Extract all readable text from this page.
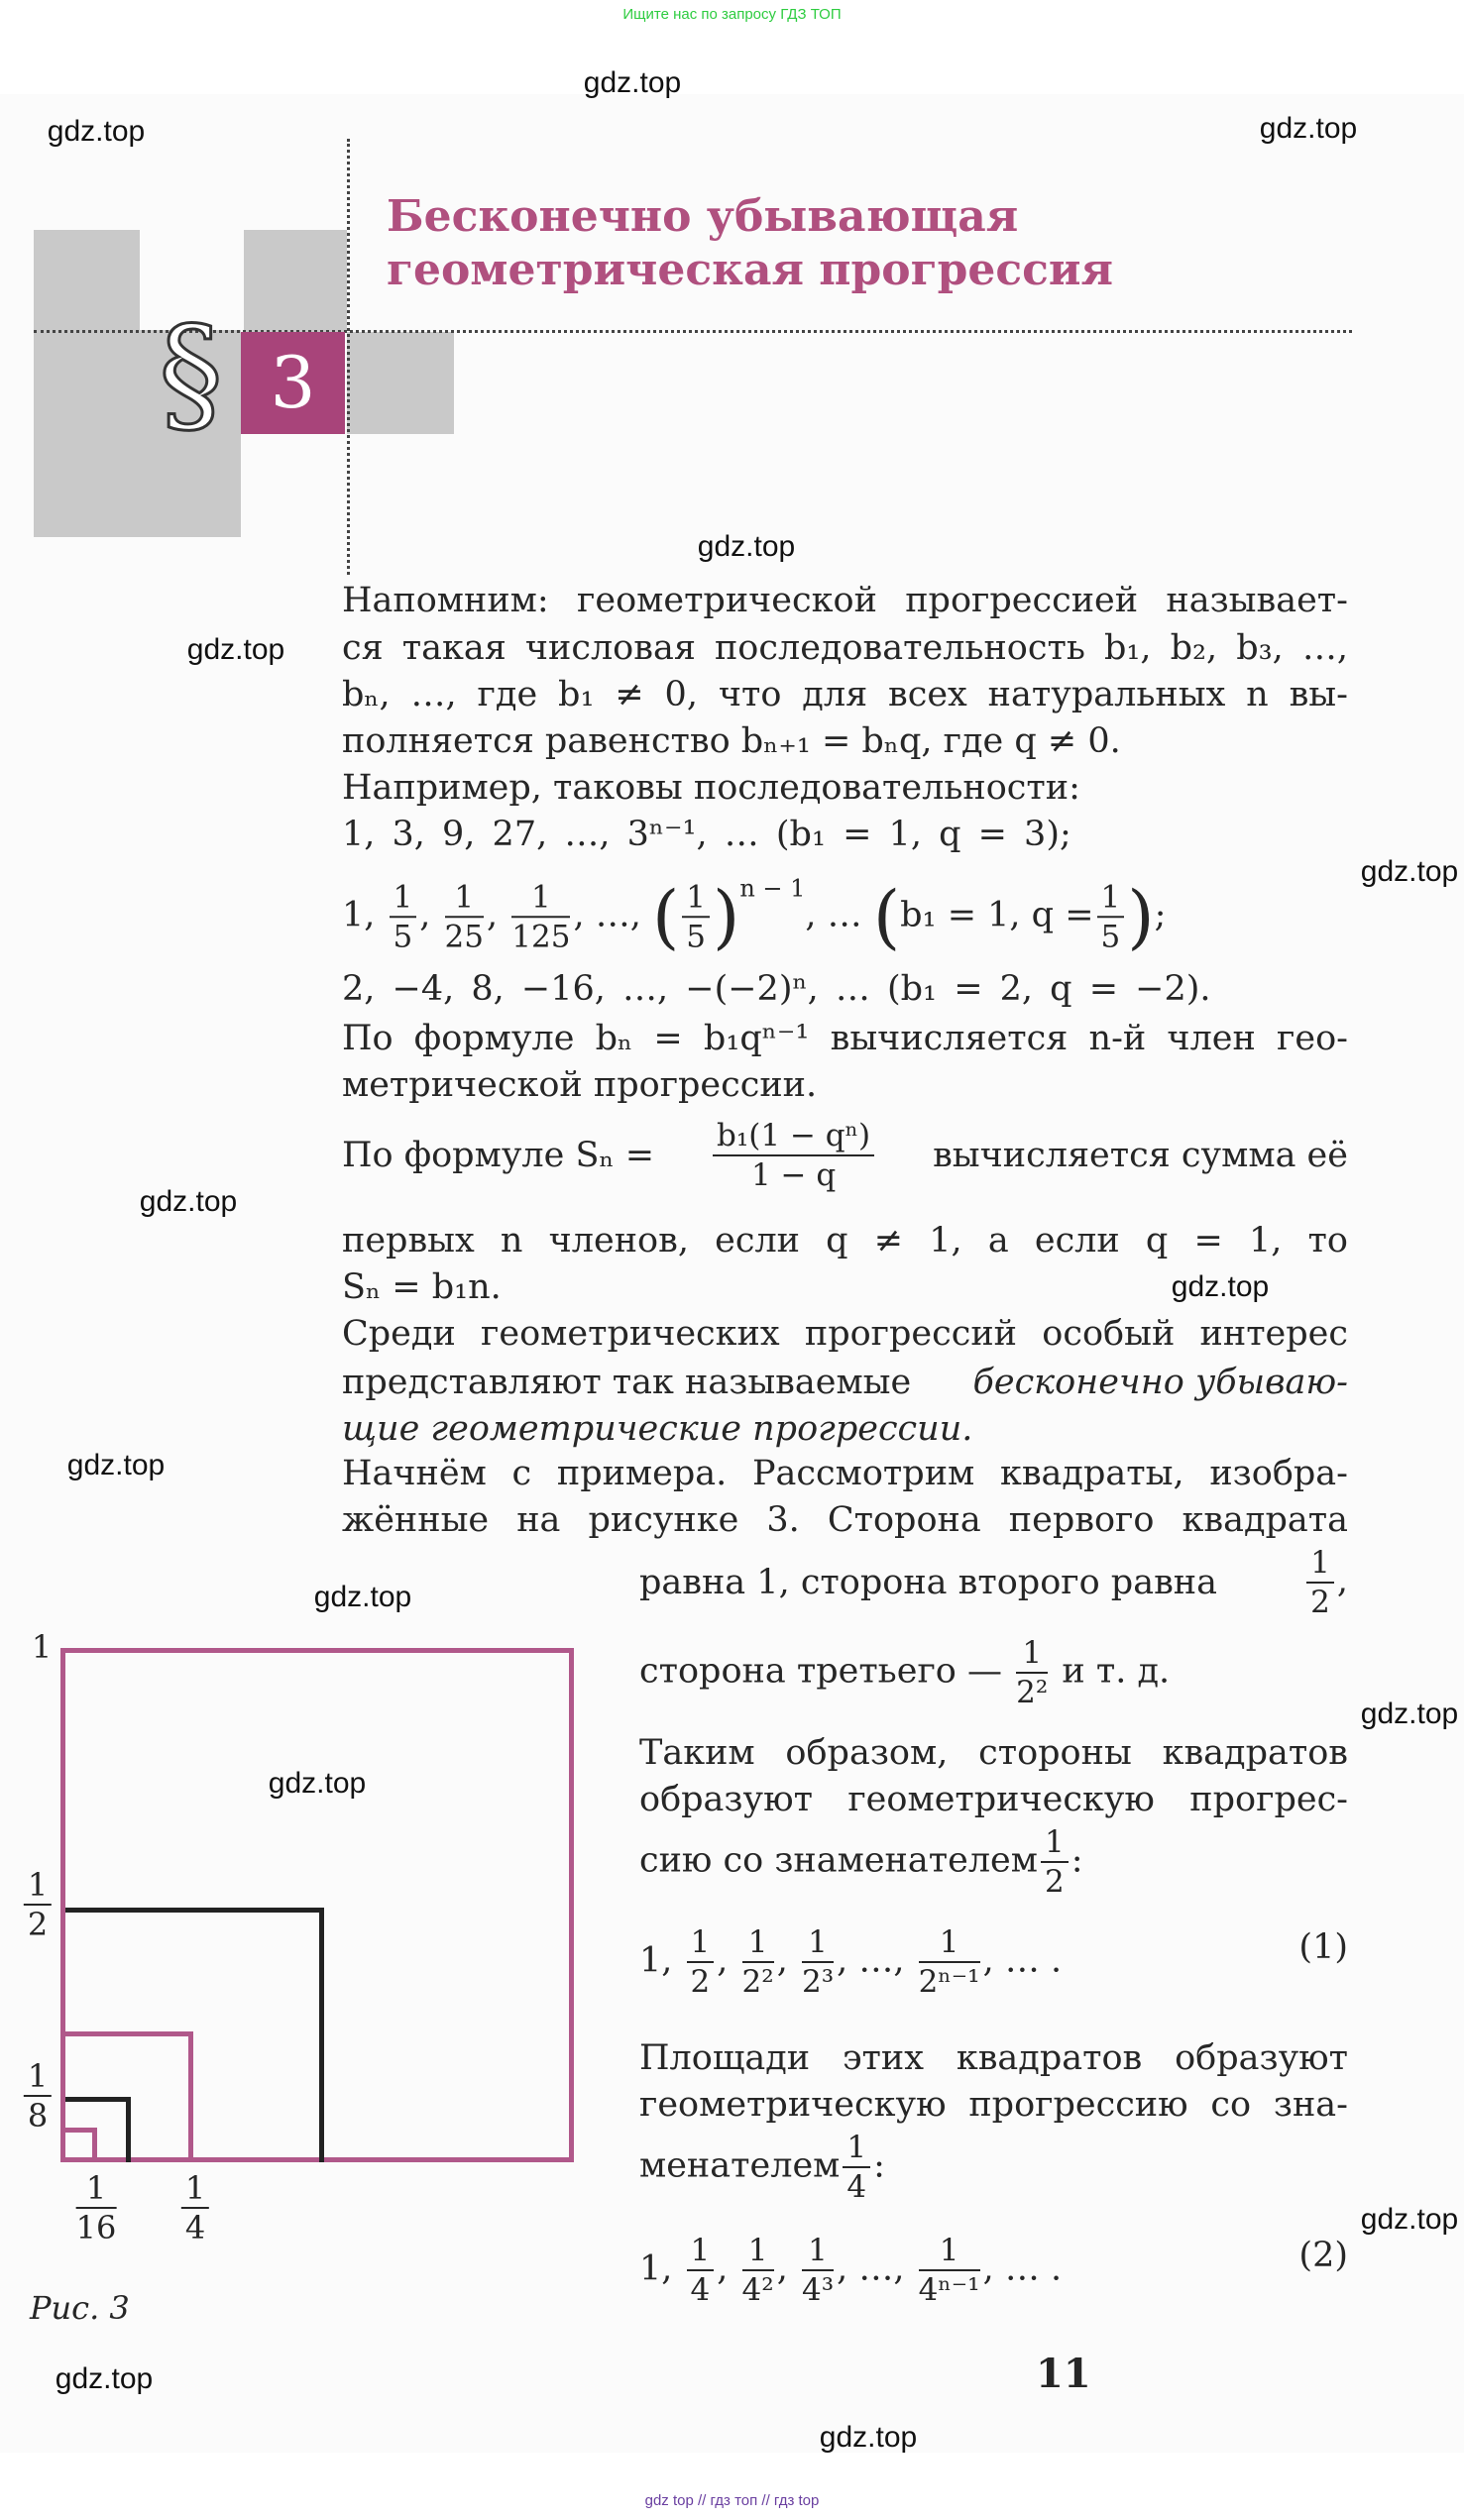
Ищите нас по запросу ГДЗ ТОП
§ 3
Бесконечно убывающая
геометрическая прогрессия
Напомним: геометрической прогрессией называет-
ся такая числовая последовательность b₁, b₂, b₃, …,
bₙ, …, где b₁ ≠ 0, что для всех натуральных n вы-
полняется равенство bₙ₊₁ = bₙq, где q ≠ 0.
Например, таковы последовательности:
1, 3, 9, 27, …, 3ⁿ⁻¹, … (b₁ = 1, q = 3);
1, $\frac{1}{5}$ , $\frac{1}{25}$ , $\frac{1}{125}$ , …, ( $\frac{1}{5} )^{n - 1}$, … (b₁ = 1, $q = \frac{1}{5}$ );
2, −4, 8, −16, …, −(−2)ⁿ, … (b₁ = 2, q = −2).
По формуле bₙ = b₁qⁿ⁻¹ вычисляется n-й член гео-
метрической прогрессии.
По формуле $S_n = \frac{\text{b₁(1 − qⁿ)}}{1 - q}$ вычисляется сумма её
первых n членов, если q ≠ 1, а если q = 1, то
Sₙ = b₁n.
Среди геометрических прогрессий особый интерес
представляют так называемые бесконечно убываю-
щие геометрические прогрессии.
Начнём с примера. Рассмотрим квадраты, изобра-
жённые на рисунке 3. Сторона первого квадрата
равна 1, сторона второго равна	$\frac{1}{2}$ ,
сторона третьего — $\frac{1}{\text{2²}}$ и т. д.
Таким образом, стороны квадратов
образуют геометрическую прогрес-
сию со знаменателем $\frac{1}{2}$ :
1, $\frac{1}{2}$ , $\frac{1}{\text{2²}}$ , $\frac{1}{\text{2³}}$ , …, $\frac{1}{\text{2ⁿ⁻¹}}$ , … .	(1)
Площади этих квадратов образуют
геометрическую прогрессию со зна-
менателем $\frac{1}{4}$ :
1, $\frac{1}{4}$ , $\frac{1}{\text{4²}}$ , $\frac{1}{\text{4³}}$ , …, $\frac{1}{\text{4ⁿ⁻¹}}$ , … .	(2)
1
$\frac{1}{2}$
$\frac{1}{8}$
$\frac{1}{16} \frac{1}{4}$
Рис. 3
11
gdz.top
gdz.top	gdz.top
gdz.top
gdz.top
gdz.top
gdz.top
gdz.top
gdz.top
gdz.top
gdz.top
gdz.top
gdz.top
gdz.top
gdz.top
gdz top // гдз топ // гдз top
